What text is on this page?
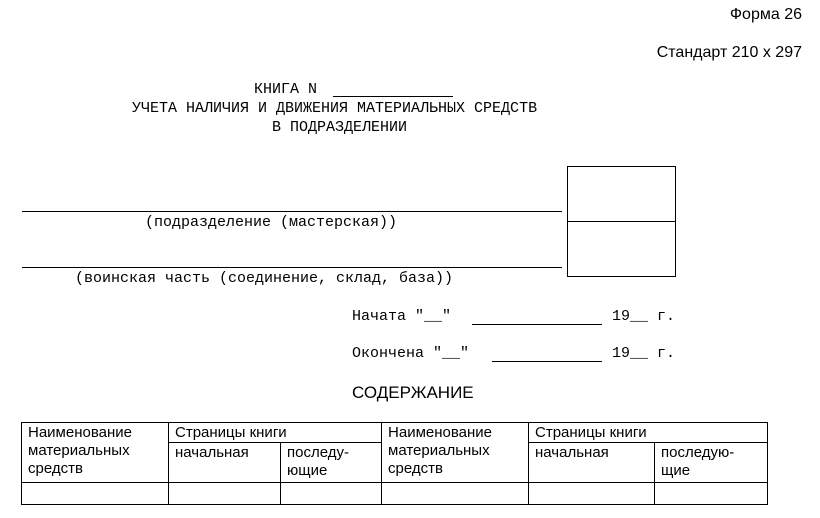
Форма 26
Стандарт 210 х 297
КНИГА N
УЧЕТА НАЛИЧИЯ И ДВИЖЕНИЯ МАТЕРИАЛЬНЫХ СРЕДСТВ
В ПОДРАЗДЕЛЕНИИ
(подразделение (мастерская))
(воинская часть (соединение, склад, база))
Начата "__"	19__ г.
Окончена "__"	19__ г.
СОДЕРЖАНИЕ
Наименование материальных средств	Страницы книги		Наименование материальных средств	Страницы книги	
	начальная	последу- ющие		начальная	последую- щие
